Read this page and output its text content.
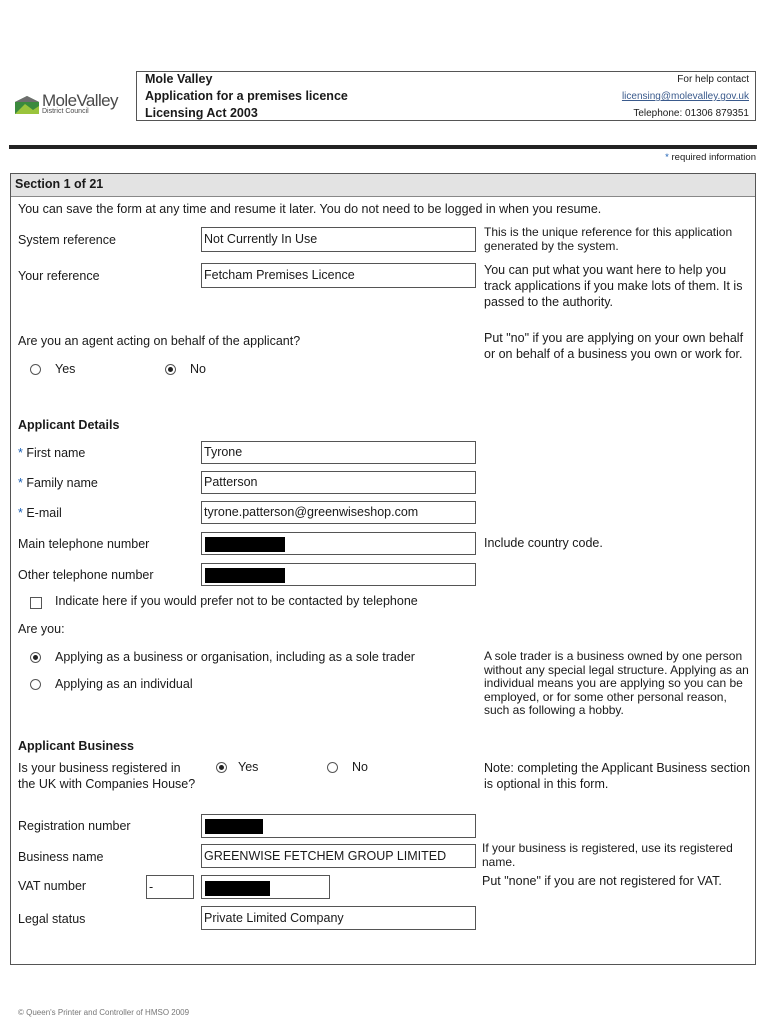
MoleValley
District Council
Mole Valley
Application for a premises licence
Licensing Act 2003
For help contact
licensing@molevalley.gov.uk
Telephone: 01306 879351
* required information
Section 1 of 21
You can save the form at any time and resume it later. You do not need to be logged in when you resume.
System reference	Not Currently In Use	This is the unique reference for this application generated by the system.
Your reference	Fetcham Premises Licence	You can put what you want here to help you track applications if you make lots of them. It is passed to the authority.
Are you an agent acting on behalf of the applicant?
Yes	No
Put "no" if you are applying on your own behalf or on behalf of a business you own or work for.
Applicant Details
* First name	Tyrone
* Family name	Patterson
* E-mail	tyrone.patterson@greenwiseshop.com
Main telephone number	Include country code.
Other telephone number
Indicate here if you would prefer not to be contacted by telephone
Are you:
Applying as a business or organisation, including as a sole trader
Applying as an individual
A sole trader is a business owned by one person without any special legal structure. Applying as an individual means you are applying so you can be employed, or for some other personal reason, such as following a hobby.
Applicant Business
Is your business registered in the UK with Companies House?
Yes	No	Note: completing the Applicant Business section is optional in this form.
Registration number
Business name	GREENWISE FETCHEM GROUP LIMITED
If your business is registered, use its registered name.
VAT number	-	Put "none" if you are not registered for VAT.
Legal status	Private Limited Company
© Queen's Printer and Controller of HMSO 2009
